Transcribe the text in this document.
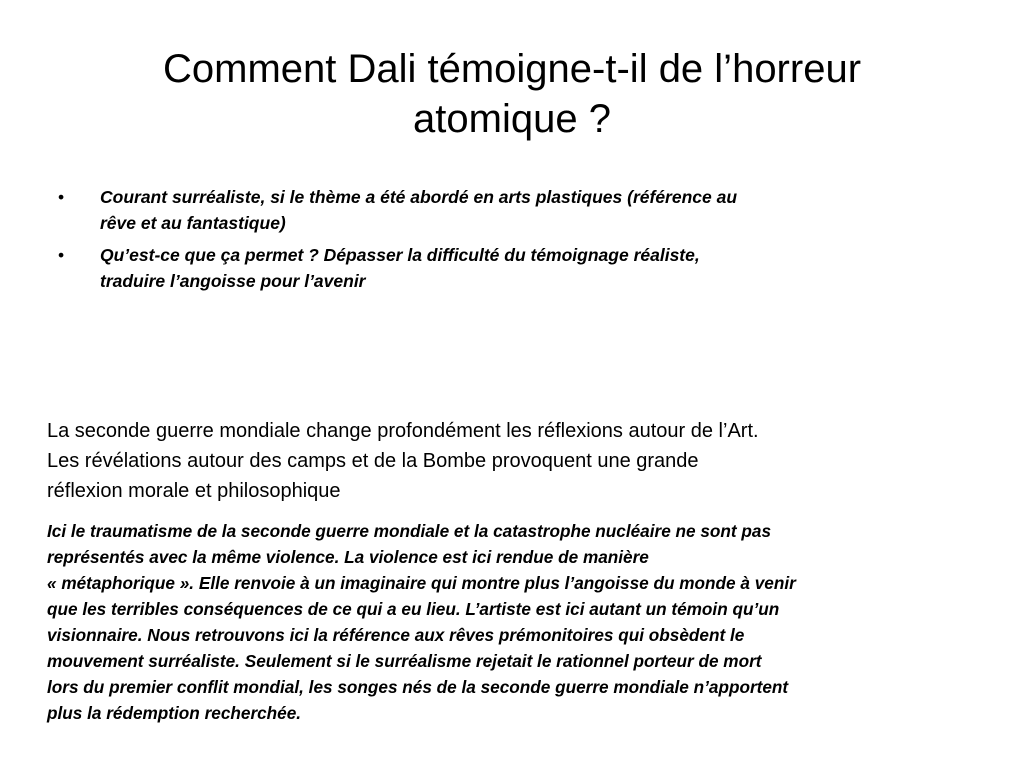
Comment Dali témoigne-t-il de l’horreur
atomique ?
• Courant surréaliste, si le thème a été abordé en arts plastiques (référence au
rêve et au fantastique)
• Qu’est-ce que ça permet ? Dépasser la difficulté du témoignage réaliste,
traduire l’angoisse pour l’avenir

La seconde guerre mondiale change profondément les réflexions autour de l’Art.
Les révélations autour des camps et de la Bombe provoquent une grande
réflexion morale et philosophique

Ici le traumatisme de la seconde guerre mondiale et la catastrophe nucléaire ne sont pas
représentés avec la même violence. La violence est ici rendue de manière
« métaphorique ». Elle renvoie à un imaginaire qui montre plus l’angoisse du monde à venir
que les terribles conséquences de ce qui a eu lieu. L’artiste est ici autant un témoin qu’un
visionnaire. Nous retrouvons ici la référence aux rêves prémonitoires qui obsèdent le
mouvement surréaliste. Seulement si le surréalisme rejetait le rationnel porteur de mort
lors du premier conflit mondial, les songes nés de la seconde guerre mondiale n’apportent
plus la rédemption recherchée.
